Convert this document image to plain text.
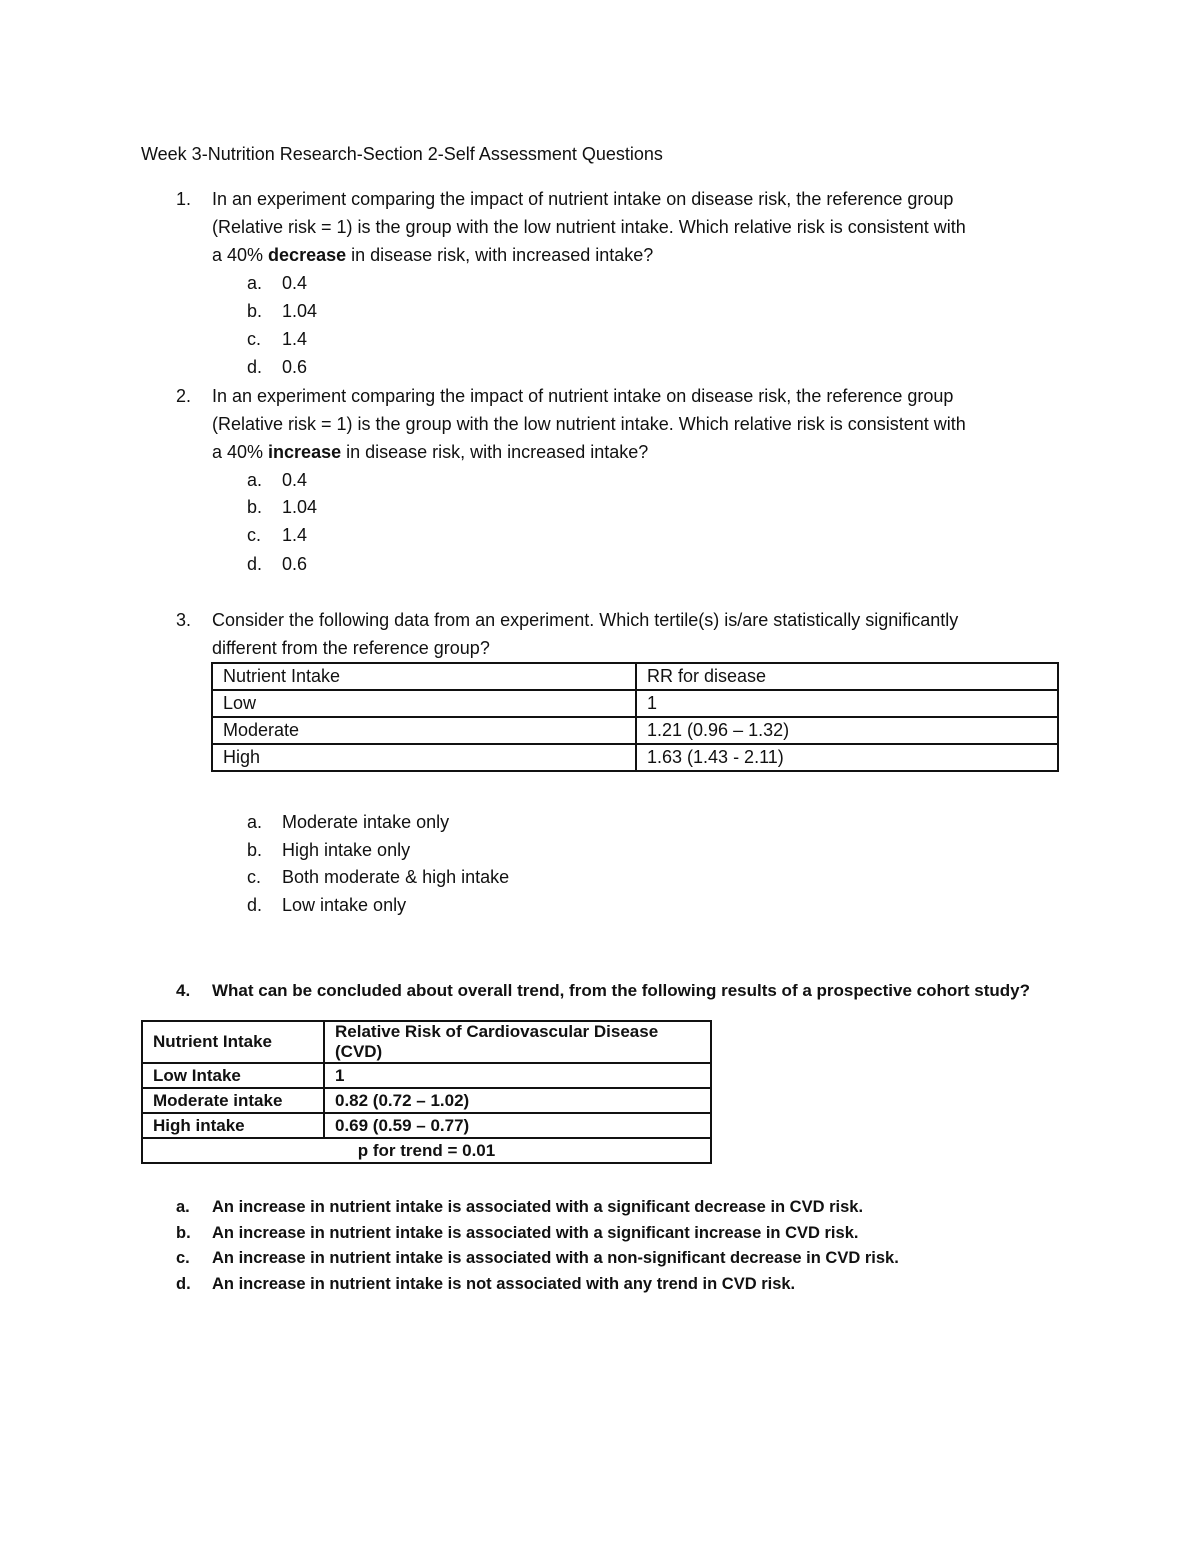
Week 3-Nutrition Research-Section 2-Self Assessment Questions
1. In an experiment comparing the impact of nutrient intake on disease risk, the reference group
(Relative risk = 1) is the group with the low nutrient intake. Which relative risk is consistent with
a 40% decrease in disease risk, with increased intake?
a. 0.4
b. 1.04
c. 1.4
d. 0.6
2. In an experiment comparing the impact of nutrient intake on disease risk, the reference group
(Relative risk = 1) is the group with the low nutrient intake. Which relative risk is consistent with
a 40% increase in disease risk, with increased intake?
a. 0.4
b. 1.04
c. 1.4
d. 0.6
3. Consider the following data from an experiment. Which tertile(s) is/are statistically significantly
different from the reference group?
Nutrient Intake	RR for disease
Low	1
Moderate	1.21 (0.96 – 1.32)
High	1.63 (1.43 - 2.11)
a. Moderate intake only
b. High intake only
c. Both moderate & high intake
d. Low intake only
4. What can be concluded about overall trend, from the following results of a prospective cohort study?
Nutrient Intake	Relative Risk of Cardiovascular Disease (CVD)
Low Intake	1
Moderate intake	0.82 (0.72 – 1.02)
High intake	0.69 (0.59 – 0.77)
p for trend = 0.01	
a. An increase in nutrient intake is associated with a significant decrease in CVD risk.
b. An increase in nutrient intake is associated with a significant increase in CVD risk.
c. An increase in nutrient intake is associated with a non-significant decrease in CVD risk.
d. An increase in nutrient intake is not associated with any trend in CVD risk.
